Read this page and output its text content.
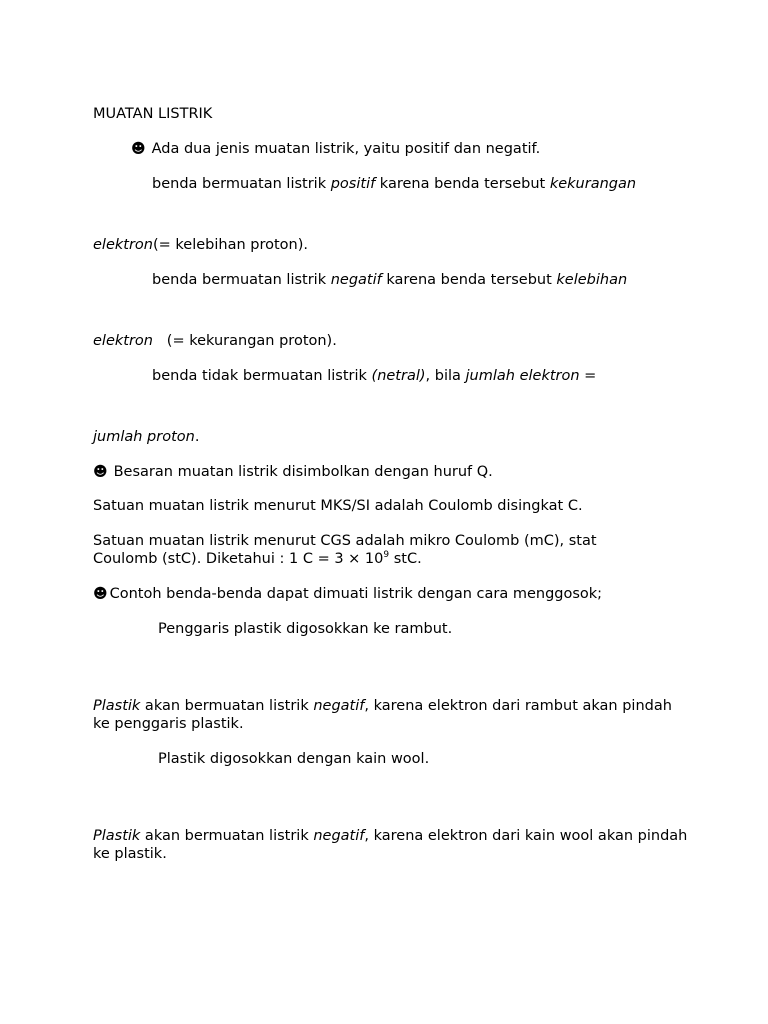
MUATAN LISTRIK
☻ Ada dua jenis muatan listrik, yaitu positif dan negatif.
benda bermuatan listrik positif karena benda tersebut kekurangan
elektron(= kelebihan proton).
benda bermuatan listrik negatif karena benda tersebut kelebihan
elektron   (= kekurangan proton).
benda tidak bermuatan listrik (netral), bila jumlah elektron =
jumlah proton.
☻ Besaran muatan listrik disimbolkan dengan huruf Q.
Satuan muatan listrik menurut MKS/SI adalah Coulomb disingkat C.
Satuan muatan listrik menurut CGS adalah mikro Coulomb (mC), stat Coulomb (stC). Diketahui : 1 $C = 3 \times 10^9$ stC.
☻ Contoh benda-benda dapat dimuati listrik dengan cara menggosok;
Penggaris plastik digosokkan ke rambut.
Plastik akan bermuatan listrik negatif, karena elektron dari rambut akan pindah ke penggaris plastik.
Plastik digosokkan dengan kain wool.
Plastik akan bermuatan listrik negatif, karena elektron dari kain wool akan pindah ke plastik.
